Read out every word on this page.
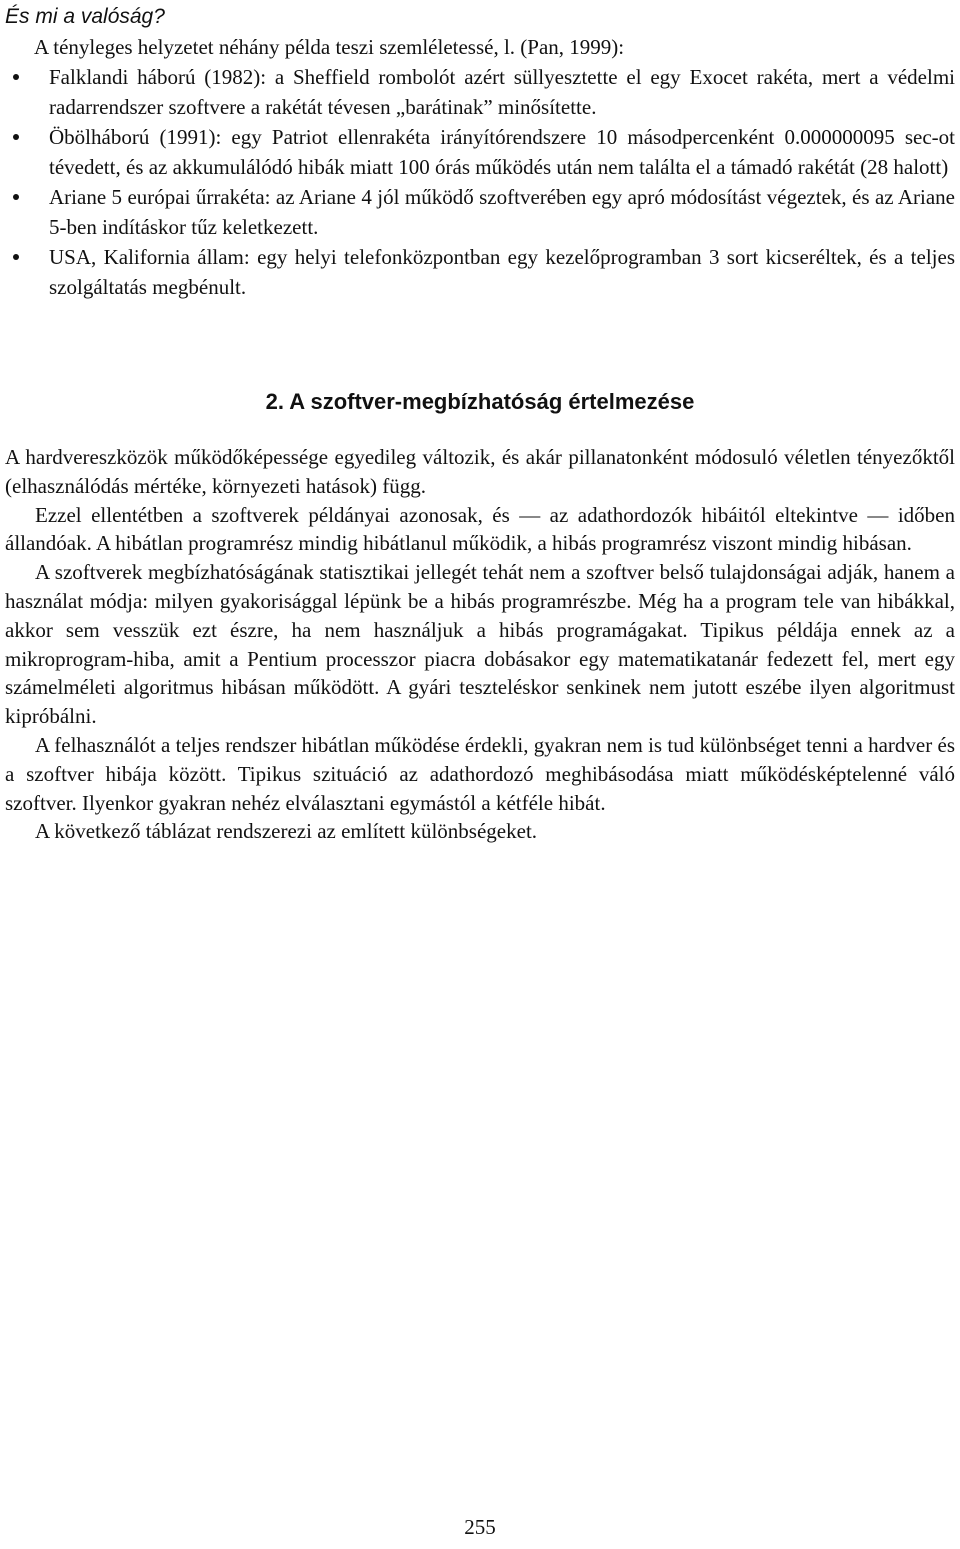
És mi a valóság?
A tényleges helyzetet néhány példa teszi szemléletessé, l. (Pan, 1999):
Falklandi háború (1982): a Sheffield rombolót azért süllyesztette el egy Exocet rakéta, mert a védelmi radarrendszer szoftvere a rakétát tévesen „barátinak” minősítette.
Öbölháború (1991): egy Patriot ellenrakéta irányítórendszere 10 másodpercenként 0.000000095 sec-ot tévedett, és az akkumulálódó hibák miatt 100 órás működés után nem találta el a támadó rakétát (28 halott)
Ariane 5 európai űrrakéta: az Ariane 4 jól működő szoftverében egy apró módosítást végeztek, és az Ariane 5-ben indításkor tűz keletkezett.
USA, Kalifornia állam: egy helyi telefonközpontban egy kezelőprogramban 3 sort kicseréltek, és a teljes szolgáltatás megbénult.
2. A szoftver-megbízhatóság értelmezése

A hardvereszközök működőképessége egyedileg változik, és akár pillanatonként módosuló véletlen tényezőktől (elhasználódás mértéke, környezeti hatások) függ.

Ezzel ellentétben a szoftverek példányai azonosak, és — az adathordozók hibáitól eltekintve — időben állandóak. A hibátlan programrész mindig hibátlanul működik, a hibás programrész viszont mindig hibásan.

A szoftverek megbízhatóságának statisztikai jellegét tehát nem a szoftver belső tulajdonságai adják, hanem a használat módja: milyen gyakorisággal lépünk be a hibás programrészbe. Még ha a program tele van hibákkal, akkor sem vesszük ezt észre, ha nem használjuk a hibás programágakat. Tipikus példája ennek az a mikroprogram-hiba, amit a Pentium processzor piacra dobásakor egy matematikatanár fedezett fel, mert egy számelméleti algoritmus hibásan működött. A gyári teszteléskor senkinek nem jutott eszébe ilyen algoritmust kipróbálni.

A felhasználót a teljes rendszer hibátlan működése érdekli, gyakran nem is tud különbséget tenni a hardver és a szoftver hibája között. Tipikus szituáció az adathordozó meghibásodása miatt működésképtelenné váló szoftver. Ilyenkor gyakran nehéz elválasztani egymástól a kétféle hibát.

A következő táblázat rendszerezi az említett különbségeket.

255
